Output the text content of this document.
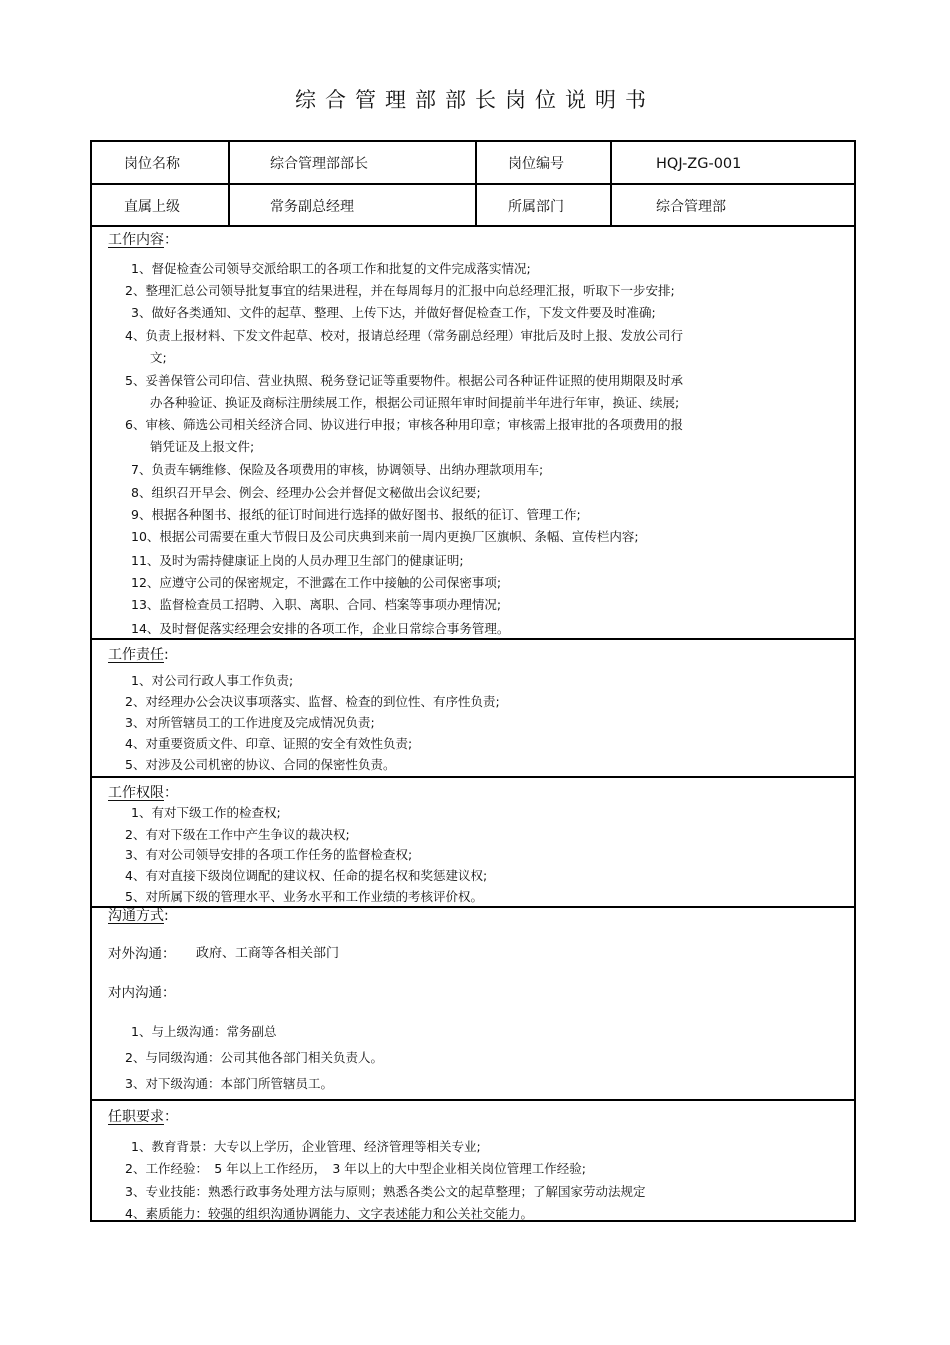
综合管理部部长岗位说明书
岗位名称	综合管理部部长	岗位编号	HQJ-ZG-001
直属上级	常务副总经理	所属部门	综合管理部
工作内容：
1、督促检查公司领导交派给职工的各项工作和批复的文件完成落实情况;
2、整理汇总公司领导批复事宜的结果进程，并在每周每月的汇报中向总经理汇报，听取下一步安排;
3、做好各类通知、文件的起草、整理、上传下达，并做好督促检查工作，下发文件要及时准确;
4、负责上报材料、下发文件起草、校对，报请总经理（常务副总经理）审批后及时上报、发放公司行
文;
5、妥善保管公司印信、营业执照、税务登记证等重要物件。根据公司各种证件证照的使用期限及时承
办各种验证、换证及商标注册续展工作，根据公司证照年审时间提前半年进行年审，换证、续展;
6、审核、筛选公司相关经济合同、协议进行申报；审核各种用印章；审核需上报审批的各项费用的报
销凭证及上报文件;
7、负责车辆维修、保险及各项费用的审核，协调领导、出纳办理款项用车;
8、组织召开早会、例会、经理办公会并督促文秘做出会议纪要;
9、根据各种图书、报纸的征订时间进行选择的做好图书、报纸的征订、管理工作;
10、根据公司需要在重大节假日及公司庆典到来前一周内更换厂区旗帜、条幅、宣传栏内容;
11、及时为需持健康证上岗的人员办理卫生部门的健康证明;
12、应遵守公司的保密规定，不泄露在工作中接触的公司保密事项;
13、监督检查员工招聘、入职、离职、合同、档案等事项办理情况;
14、及时督促落实经理会安排的各项工作，企业日常综合事务管理。
工作责任:
1、对公司行政人事工作负责;
2、对经理办公会决议事项落实、监督、检查的到位性、有序性负责;
3、对所管辖员工的工作进度及完成情况负责;
4、对重要资质文件、印章、证照的安全有效性负责;
5、对涉及公司机密的协议、合同的保密性负责。
工作权限：
1、有对下级工作的检查权;
2、有对下级在工作中产生争议的裁决权;
3、有对公司领导安排的各项工作任务的监督检查权;
4、有对直接下级岗位调配的建议权、任命的提名权和奖惩建议权;
5、对所属下级的管理水平、业务水平和工作业绩的考核评价权。
沟通方式:
对外沟通： 政府、工商等各相关部门
对内沟通：
1、与上级沟通：常务副总
2、与同级沟通：公司其他各部门相关负责人。
3、对下级沟通：本部门所管辖员工。
任职要求：
1、教育背景：大专以上学历，企业管理、经济管理等相关专业;
2、工作经验：　5 年以上工作经历，　3 年以上的大中型企业相关岗位管理工作经验;
3、专业技能：熟悉行政事务处理方法与原则；熟悉各类公文的起草整理；了解国家劳动法规定
4、素质能力：较强的组织沟通协调能力、文字表述能力和公关社交能力。
